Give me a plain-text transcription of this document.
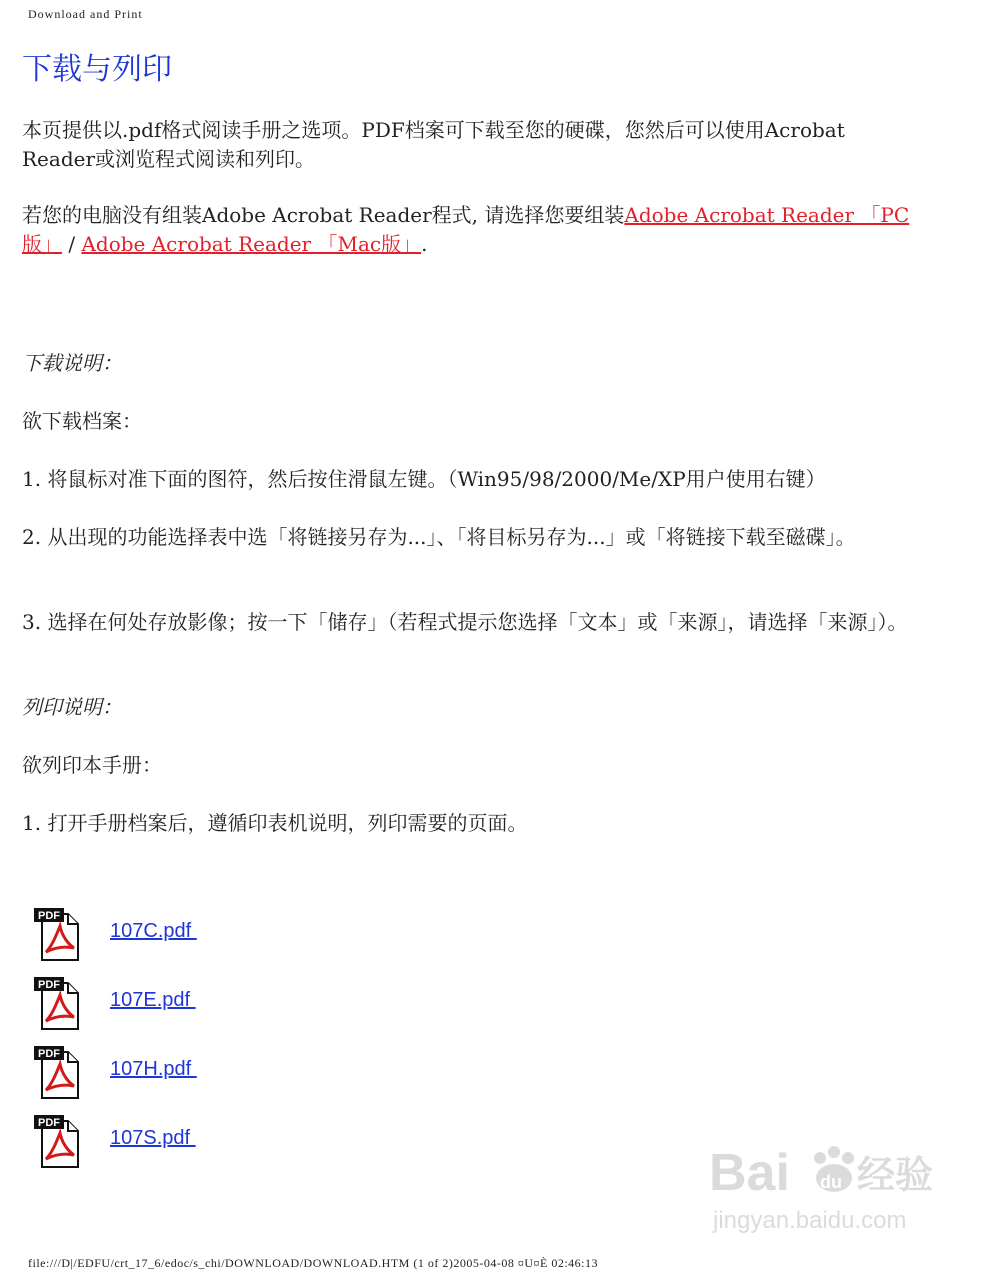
Download and Print
下载与列印

本页提供以.pdf格式阅读手册之选项。PDF档案可下载至您的硬碟，您然后可以使用Acrobat Reader或浏览程式阅读和列印。

若您的电脑没有组装Adobe Acrobat Reader程式, 请选择您要组装Adobe Acrobat Reader 「PC版」 / Adobe Acrobat Reader 「Mac版」.

下载说明：

欲下载档案：

1. 将鼠标对准下面的图符，然后按住滑鼠左键。（Win95/98/2000/Me/XP用户使用右键）

2. 从出现的功能选择表中选「将链接另存为...」、「将目标另存为...」或「将链接下载至磁碟」。

3. 选择在何处存放影像；按一下「储存」（若程式提示您选择「文本」或「来源」，请选择「来源」）。

列印说明：

欲列印本手册：

1. 打开手册档案后，遵循印表机说明，列印需要的页面。

PDF
107C.pdf
PDF
107E.pdf
PDF
107H.pdf
PDF
107S.pdf
Bai du 经验
jingyan.baidu.com
file:///D|/EDFU/crt_17_6/edoc/s_chi/DOWNLOAD/DOWNLOAD.HTM (1 of 2)2005-04-08 ¤U¤È 02:46:13
